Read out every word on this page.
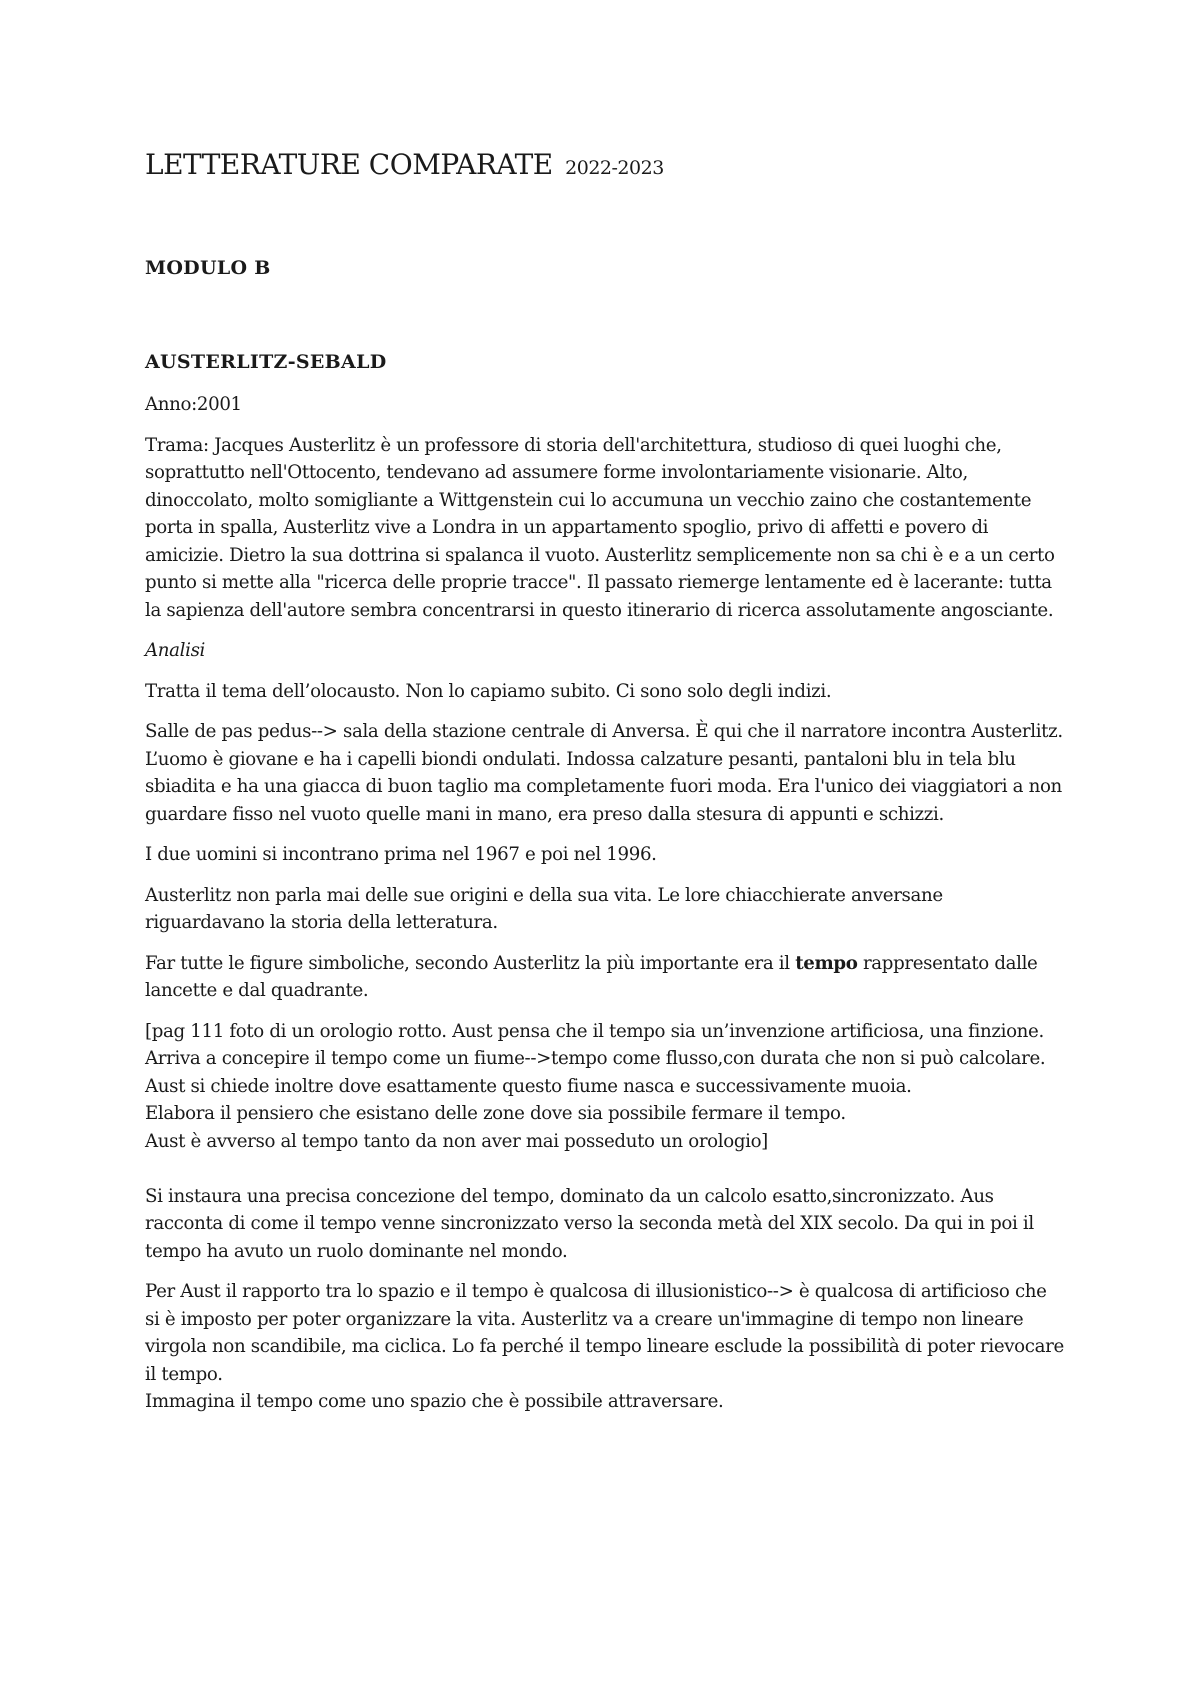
LETTERATURE COMPARATE 2022-2023
MODULO B
AUSTERLITZ-SEBALD

Anno:2001

Trama: Jacques Austerlitz è un professore di storia dell'architettura, studioso di quei luoghi che, soprattutto nell'Ottocento, tendevano ad assumere forme involontariamente visionarie. Alto, dinoccolato, molto somigliante a Wittgenstein cui lo accumuna un vecchio zaino che costantemente porta in spalla, Austerlitz vive a Londra in un appartamento spoglio, privo di affetti e povero di amicizie. Dietro la sua dottrina si spalanca il vuoto. Austerlitz semplicemente non sa chi è e a un certo punto si mette alla "ricerca delle proprie tracce". Il passato riemerge lentamente ed è lacerante: tutta la sapienza dell'autore sembra concentrarsi in questo itinerario di ricerca assolutamente angosciante.

Analisi

Tratta il tema dell’olocausto. Non lo capiamo subito. Ci sono solo degli indizi.

Salle de pas pedus--> sala della stazione centrale di Anversa. È qui che il narratore incontra Austerlitz. L’uomo è giovane e ha i capelli biondi ondulati. Indossa calzature pesanti, pantaloni blu in tela blu sbiadita e ha una giacca di buon taglio ma completamente fuori moda. Era l'unico dei viaggiatori a non guardare fisso nel vuoto quelle mani in mano, era preso dalla stesura di appunti e schizzi.

I due uomini si incontrano prima nel 1967 e poi nel 1996.

Austerlitz non parla mai delle sue origini e della sua vita. Le lore chiacchierate anversane riguardavano la storia della letteratura.

Far tutte le figure simboliche, secondo Austerlitz la più importante era il tempo rappresentato dalle lancette e dal quadrante.

[pag 111 foto di un orologio rotto. Aust pensa che il tempo sia un’invenzione artificiosa, una finzione. Arriva a concepire il tempo come un fiume-->tempo come flusso,con durata che non si può calcolare. Aust si chiede inoltre dove esattamente questo fiume nasca e successivamente muoia.
Elabora il pensiero che esistano delle zone dove sia possibile fermare il tempo.
Aust è avverso al tempo tanto da non aver mai posseduto un orologio]

Si instaura una precisa concezione del tempo, dominato da un calcolo esatto,sincronizzato. Aus racconta di come il tempo venne sincronizzato verso la seconda metà del XIX secolo. Da qui in poi il tempo ha avuto un ruolo dominante nel mondo.

Per Aust il rapporto tra lo spazio e il tempo è qualcosa di illusionistico--> è qualcosa di artificioso che si è imposto per poter organizzare la vita. Austerlitz va a creare un'immagine di tempo non lineare virgola non scandibile, ma ciclica. Lo fa perché il tempo lineare esclude la possibilità di poter rievocare il tempo.
Immagina il tempo come uno spazio che è possibile attraversare.
